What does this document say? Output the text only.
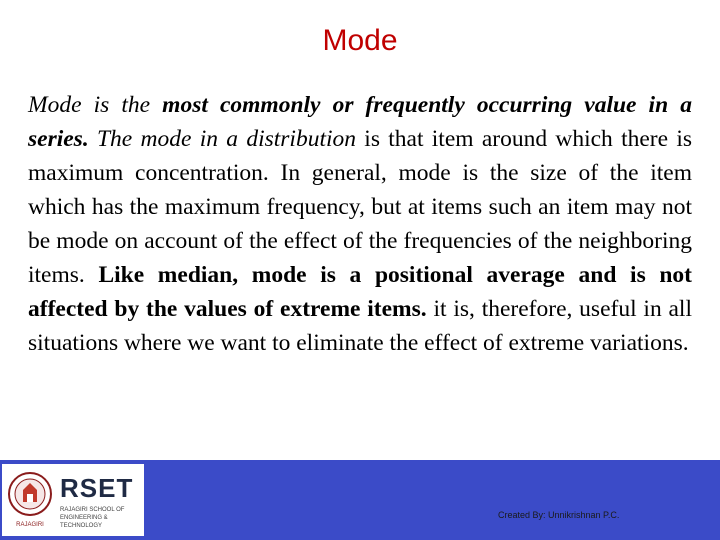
Mode

Mode is the most commonly or frequently occurring value in a series. The mode in a distribution is that item around which there is maximum concentration. In general, mode is the size of the item which has the maximum frequency, but at items such an item may not be mode on account of the effect of the frequencies of the neighboring items. Like median, mode is a positional average and is not affected by the values of extreme items. it is, therefore, useful in all situations where we want to eliminate the effect of extreme variations.

RAJAGIRI
RSET
RAJAGIRI SCHOOL OF ENGINEERING & TECHNOLOGY
Created By: Unnikrishnan P.C.
